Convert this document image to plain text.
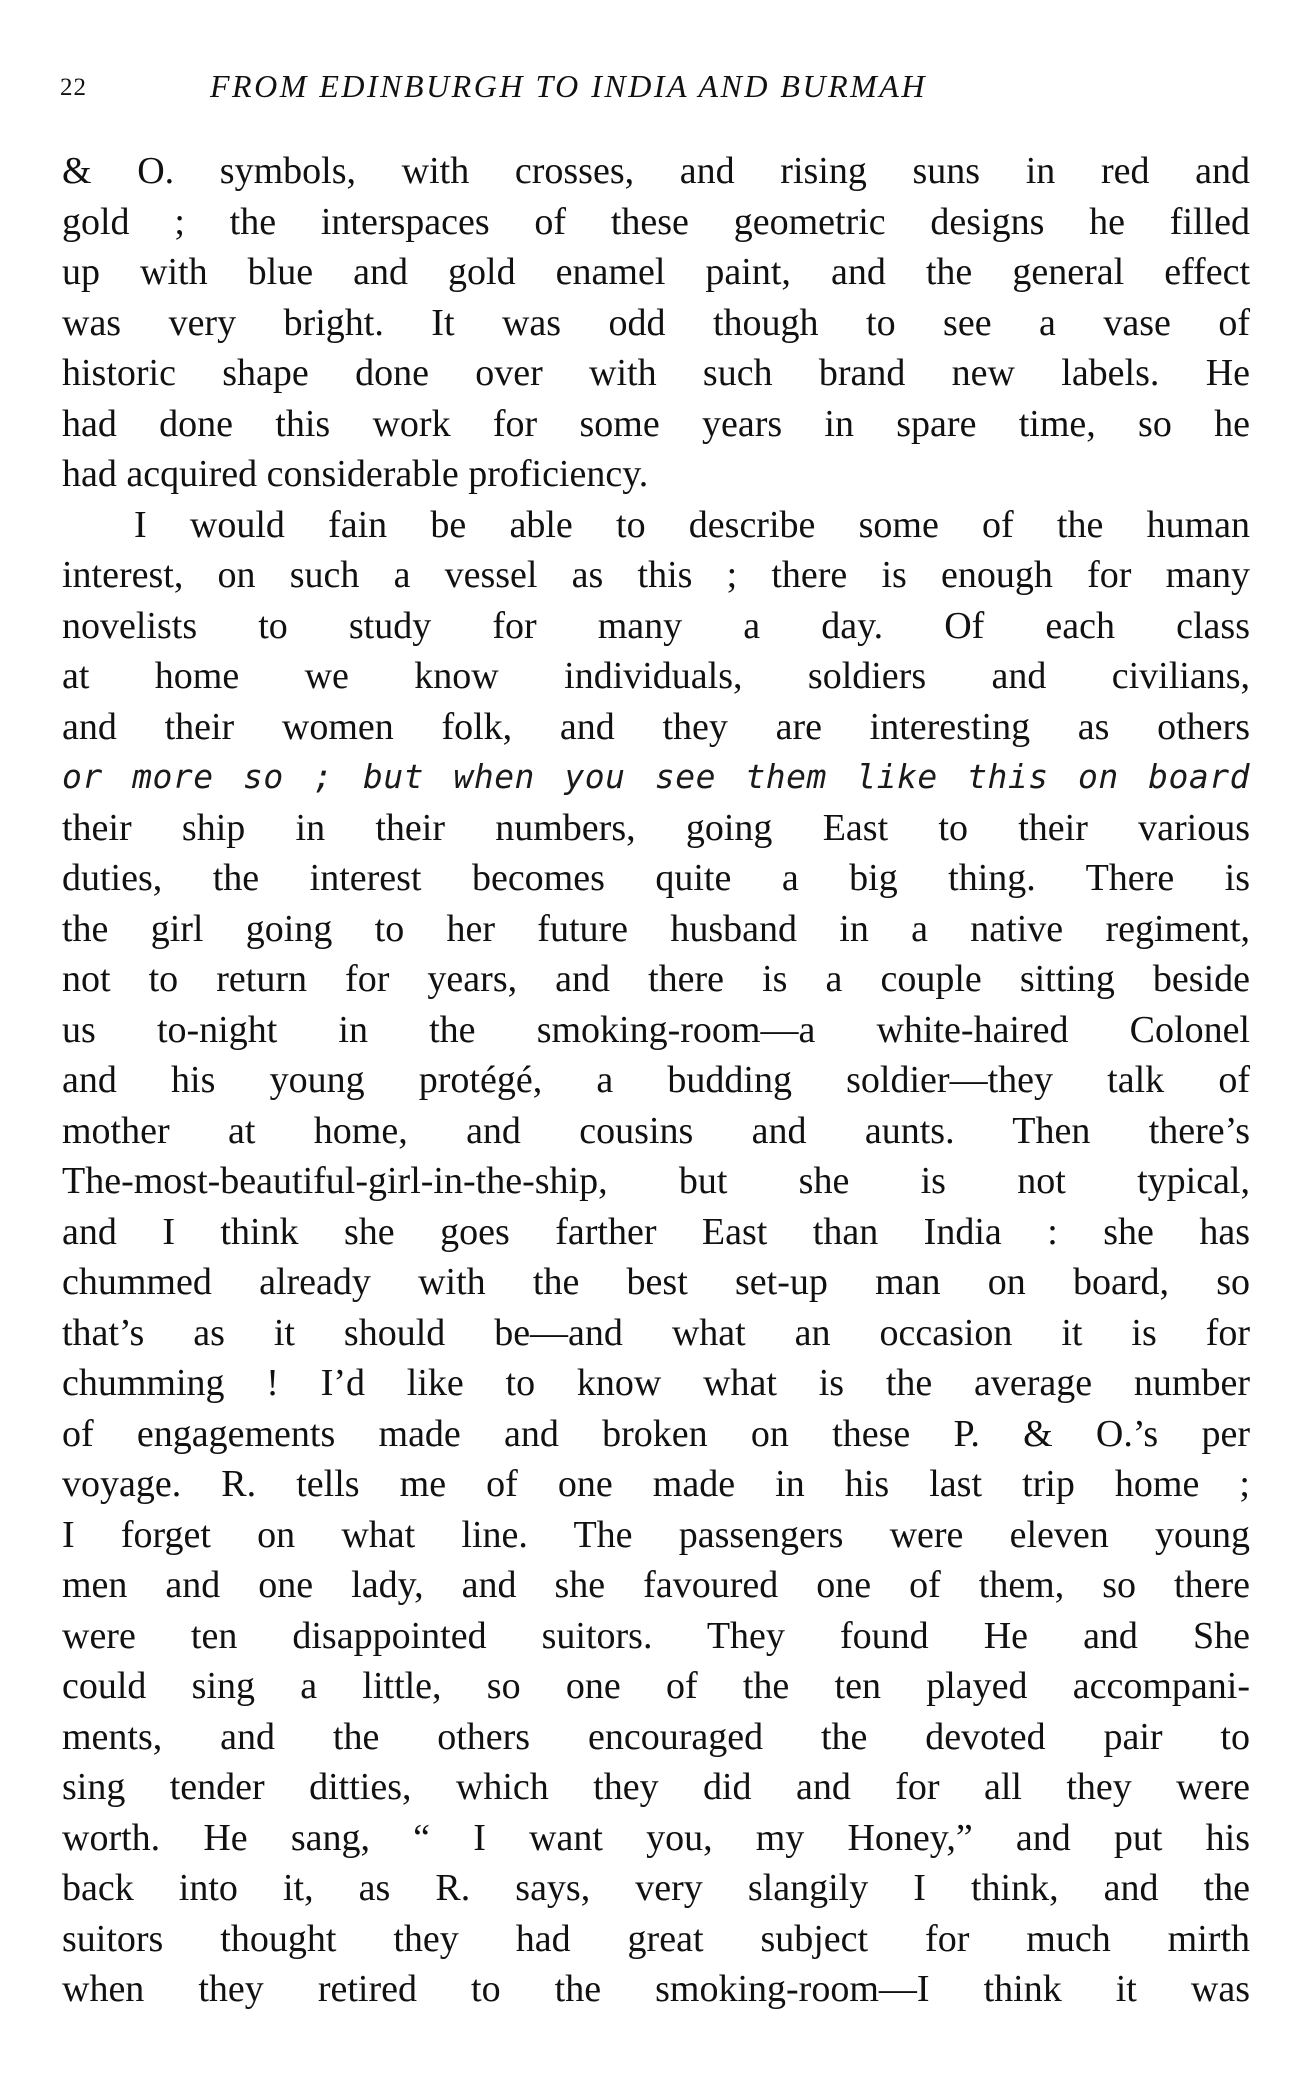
22	FROM EDINBURGH TO INDIA AND BURMAH
& O. symbols, with crosses, and rising suns in red and
gold ; the interspaces of these geometric designs he filled
up with blue and gold enamel paint, and the general effect
was very bright. It was odd though to see a vase of
historic shape done over with such brand new labels. He
had done this work for some years in spare time, so he
had acquired considerable proficiency.
I would fain be able to describe some of the human
interest, on such a vessel as this ; there is enough for many
novelists to study for many a day. Of each class
at home we know individuals, soldiers and civilians,
and their women folk, and they are interesting as others
or more so ; but when you see them like this on board
their ship in their numbers, going East to their various
duties, the interest becomes quite a big thing. There is
the girl going to her future husband in a native regiment,
not to return for years, and there is a couple sitting beside
us to-night in the smoking-room—a white-haired Colonel
and his young protégé, a budding soldier—they talk of
mother at home, and cousins and aunts. Then there’s
The-most-beautiful-girl-in-the-ship, but she is not typical,
and I think she goes farther East than India : she has
chummed already with the best set-up man on board, so
that’s as it should be—and what an occasion it is for
chumming ! I’d like to know what is the average number
of engagements made and broken on these P. & O.’s per
voyage. R. tells me of one made in his last trip home ;
I forget on what line. The passengers were eleven young
men and one lady, and she favoured one of them, so there
were ten disappointed suitors. They found He and She
could sing a little, so one of the ten played accompani-
ments, and the others encouraged the devoted pair to
sing tender ditties, which they did and for all they were
worth. He sang, “ I want you, my Honey,” and put his
back into it, as R. says, very slangily I think, and the
suitors thought they had great subject for much mirth
when they retired to the smoking-room—I think it was
